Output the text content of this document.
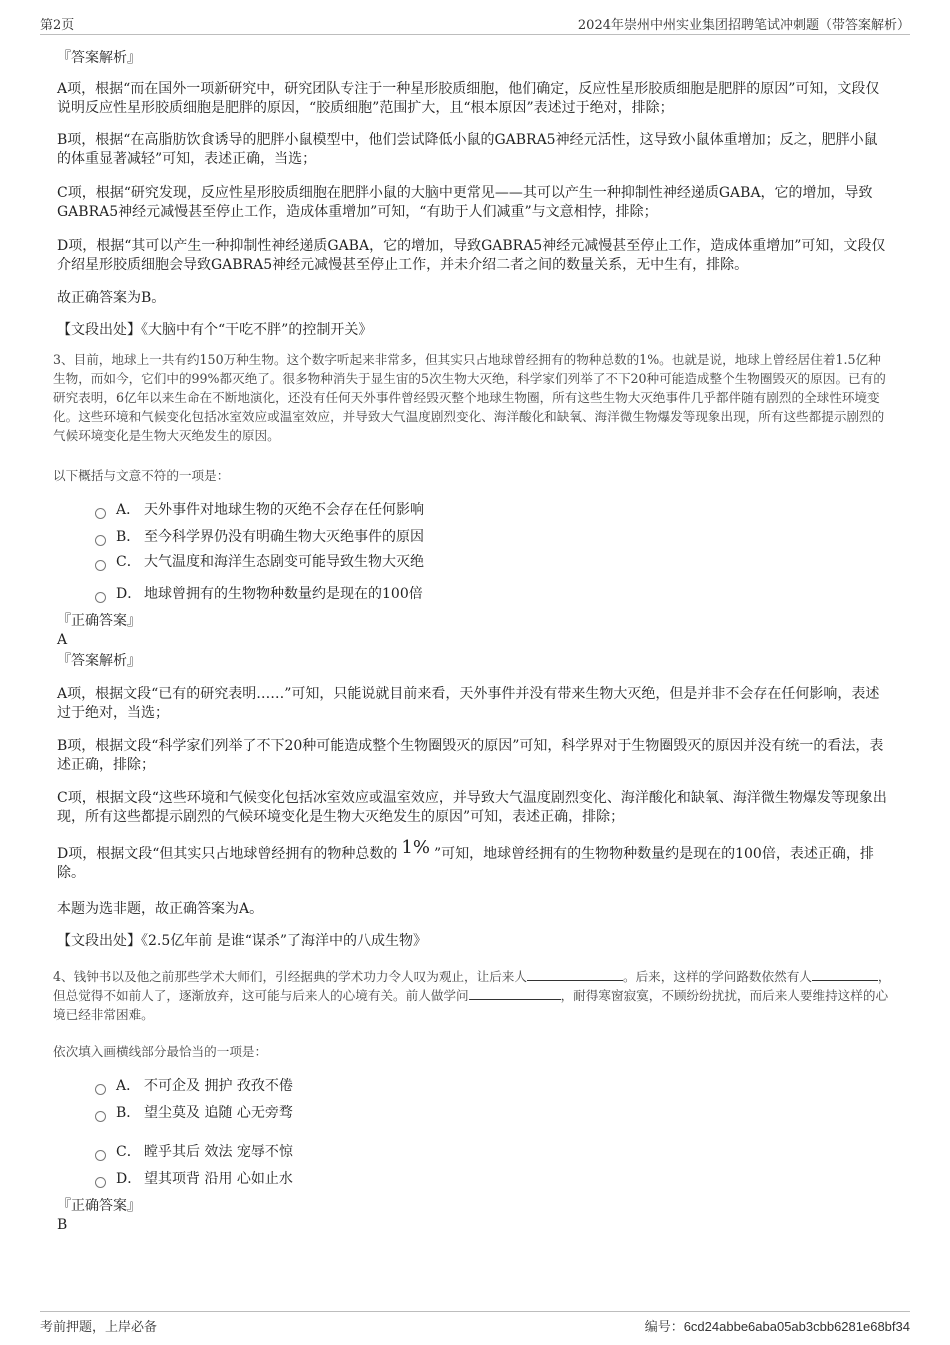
第2页	2024年崇州中州实业集团招聘笔试冲刺题（带答案解析）
『答案解析』
A项，根据“而在国外一项新研究中，研究团队专注于一种星形胶质细胞，他们确定，反应性星形胶质细胞是肥胖的原因”可知，文段仅说明反应性星形胶质细胞是肥胖的原因，“胶质细胞”范围扩大，且“根本原因”表述过于绝对，排除；
B项，根据“在高脂肪饮食诱导的肥胖小鼠模型中，他们尝试降低小鼠的GABRA5神经元活性，这导致小鼠体重增加；反之，肥胖小鼠的体重显著减轻”可知，表述正确，当选；
C项，根据“研究发现，反应性星形胶质细胞在肥胖小鼠的大脑中更常见——其可以产生一种抑制性神经递质GABA，它的增加，导致GABRA5神经元减慢甚至停止工作，造成体重增加”可知，“有助于人们减重”与文意相悖，排除；
D项，根据“其可以产生一种抑制性神经递质GABA，它的增加，导致GABRA5神经元减慢甚至停止工作，造成体重增加”可知，文段仅介绍星形胶质细胞会导致GABRA5神经元减慢甚至停止工作，并未介绍二者之间的数量关系，无中生有，排除。
故正确答案为B。
【文段出处】《大脑中有个“干吃不胖”的控制开关》
3、目前，地球上一共有约150万种生物。这个数字听起来非常多，但其实只占地球曾经拥有的物种总数的1%。也就是说，地球上曾经居住着1.5亿种生物，而如今，它们中的99%都灭绝了。很多物种消失于显生宙的5次生物大灭绝，科学家们列举了不下20种可能造成整个生物圈毁灭的原因。已有的研究表明，6亿年以来生命在不断地演化，还没有任何天外事件曾经毁灭整个地球生物圈，所有这些生物大灭绝事件几乎都伴随有剧烈的全球性环境变化。这些环境和气候变化包括冰室效应或温室效应，并导致大气温度剧烈变化、海洋酸化和缺氧、海洋微生物爆发等现象出现，所有这些都提示剧烈的气候环境变化是生物大灭绝发生的原因。
以下概括与文意不符的一项是：
A． 天外事件对地球生物的灭绝不会存在任何影响
B． 至今科学界仍没有明确生物大灭绝事件的原因
C． 大气温度和海洋生态剧变可能导致生物大灭绝
D． 地球曾拥有的生物物种数量约是现在的100倍
『正确答案』
A
『答案解析』
A项，根据文段“已有的研究表明……”可知，只能说就目前来看，天外事件并没有带来生物大灭绝，但是并非不会存在任何影响，表述过于绝对，当选；
B项，根据文段“科学家们列举了不下20种可能造成整个生物圈毁灭的原因”可知，科学界对于生物圈毁灭的原因并没有统一的看法，表述正确，排除；
C项，根据文段“这些环境和气候变化包括冰室效应或温室效应，并导致大气温度剧烈变化、海洋酸化和缺氧、海洋微生物爆发等现象出现，所有这些都提示剧烈的气候环境变化是生物大灭绝发生的原因”可知，表述正确，排除；
D项，根据文段“但其实只占地球曾经拥有的物种总数的 1% ”可知，地球曾经拥有的生物物种数量约是现在的100倍，表述正确，排除。
本题为选非题，故正确答案为A。
【文段出处】《2.5亿年前 是谁“谋杀”了海洋中的八成生物》
4、钱钟书以及他之前那些学术大师们，引经据典的学术功力令人叹为观止，让后来人	。后来，这样的学问路数依然有人	，但总觉得不如前人了，逐渐放弃，这可能与后来人的心境有关。前人做学问	，耐得寒窗寂寞，不顾纷纷扰扰，而后来人要维持这样的心境已经非常困难。
依次填入画横线部分最恰当的一项是：
A． 不可企及 拥护 孜孜不倦
B． 望尘莫及 追随 心无旁骛
C． 瞠乎其后 效法 宠辱不惊
D． 望其项背 沿用 心如止水
『正确答案』
B
考前押题，上岸必备	编号：6cd24abbe6aba05ab3cbb6281e68bf34
